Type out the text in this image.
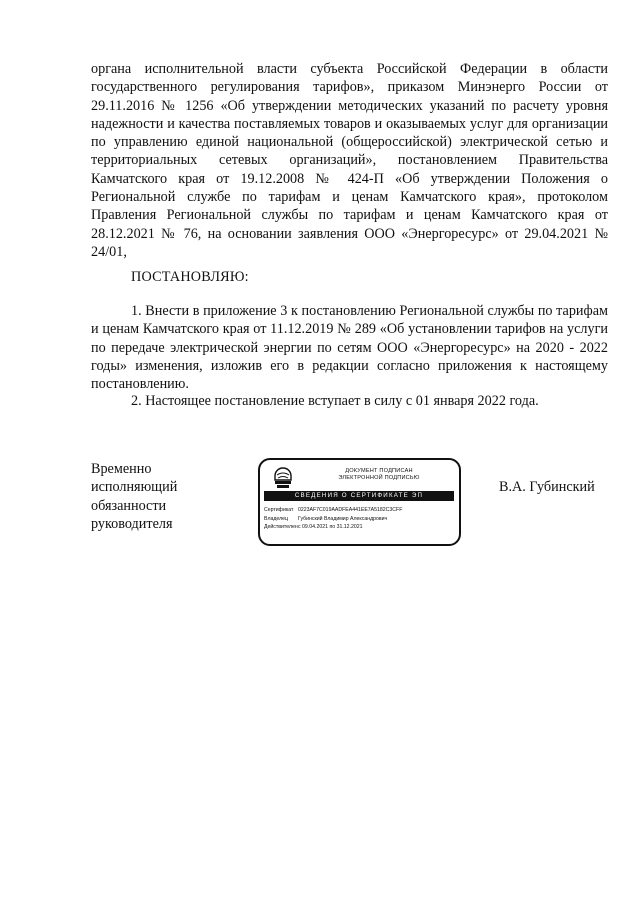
органа исполнительной власти субъекта Российской Федерации в области государственного регулирования тарифов», приказом Минэнерго России от 29.11.2016 № 1256 «Об утверждении методических указаний по расчету уровня надежности и качества поставляемых товаров и оказываемых услуг для организации по управлению единой национальной (общероссийской) электрической сетью и территориальных сетевых организаций», постановлением Правительства Камчатского края от 19.12.2008 № 424-П «Об утверждении Положения о Региональной службе по тарифам и ценам Камчатского края», протоколом Правления Региональной службы по тарифам и ценам Камчатского края от 28.12.2021 № 76, на основании заявления ООО «Энергоресурс» от 29.04.2021 № 24/01,

ПОСТАНОВЛЯЮ:

1. Внести в приложение 3 к постановлению Региональной службы по тарифам и ценам Камчатского края от 11.12.2019 № 289 «Об установлении тарифов на услуги по передаче электрической энергии по сетям ООО «Энергоресурс» на 2020 - 2022 годы» изменения, изложив его в редакции согласно приложения к настоящему постановлению.

2. Настоящее постановление вступает в силу с 01 января 2022 года.

Временно
исполняющий
обязанности
руководителя
ДОКУМЕНТ ПОДПИСАН
ЭЛЕКТРОННОЙ ПОДПИСЬЮ
СВЕДЕНИЯ О СЕРТИФИКАТЕ ЭП
Сертификат 0223AF7C019AADFEA441EE7A5182C3CFF
Владелец	Губинский Владимир Александрович
Действителен с 09.04.2021 по 31.12.2021
В.А. Губинский
